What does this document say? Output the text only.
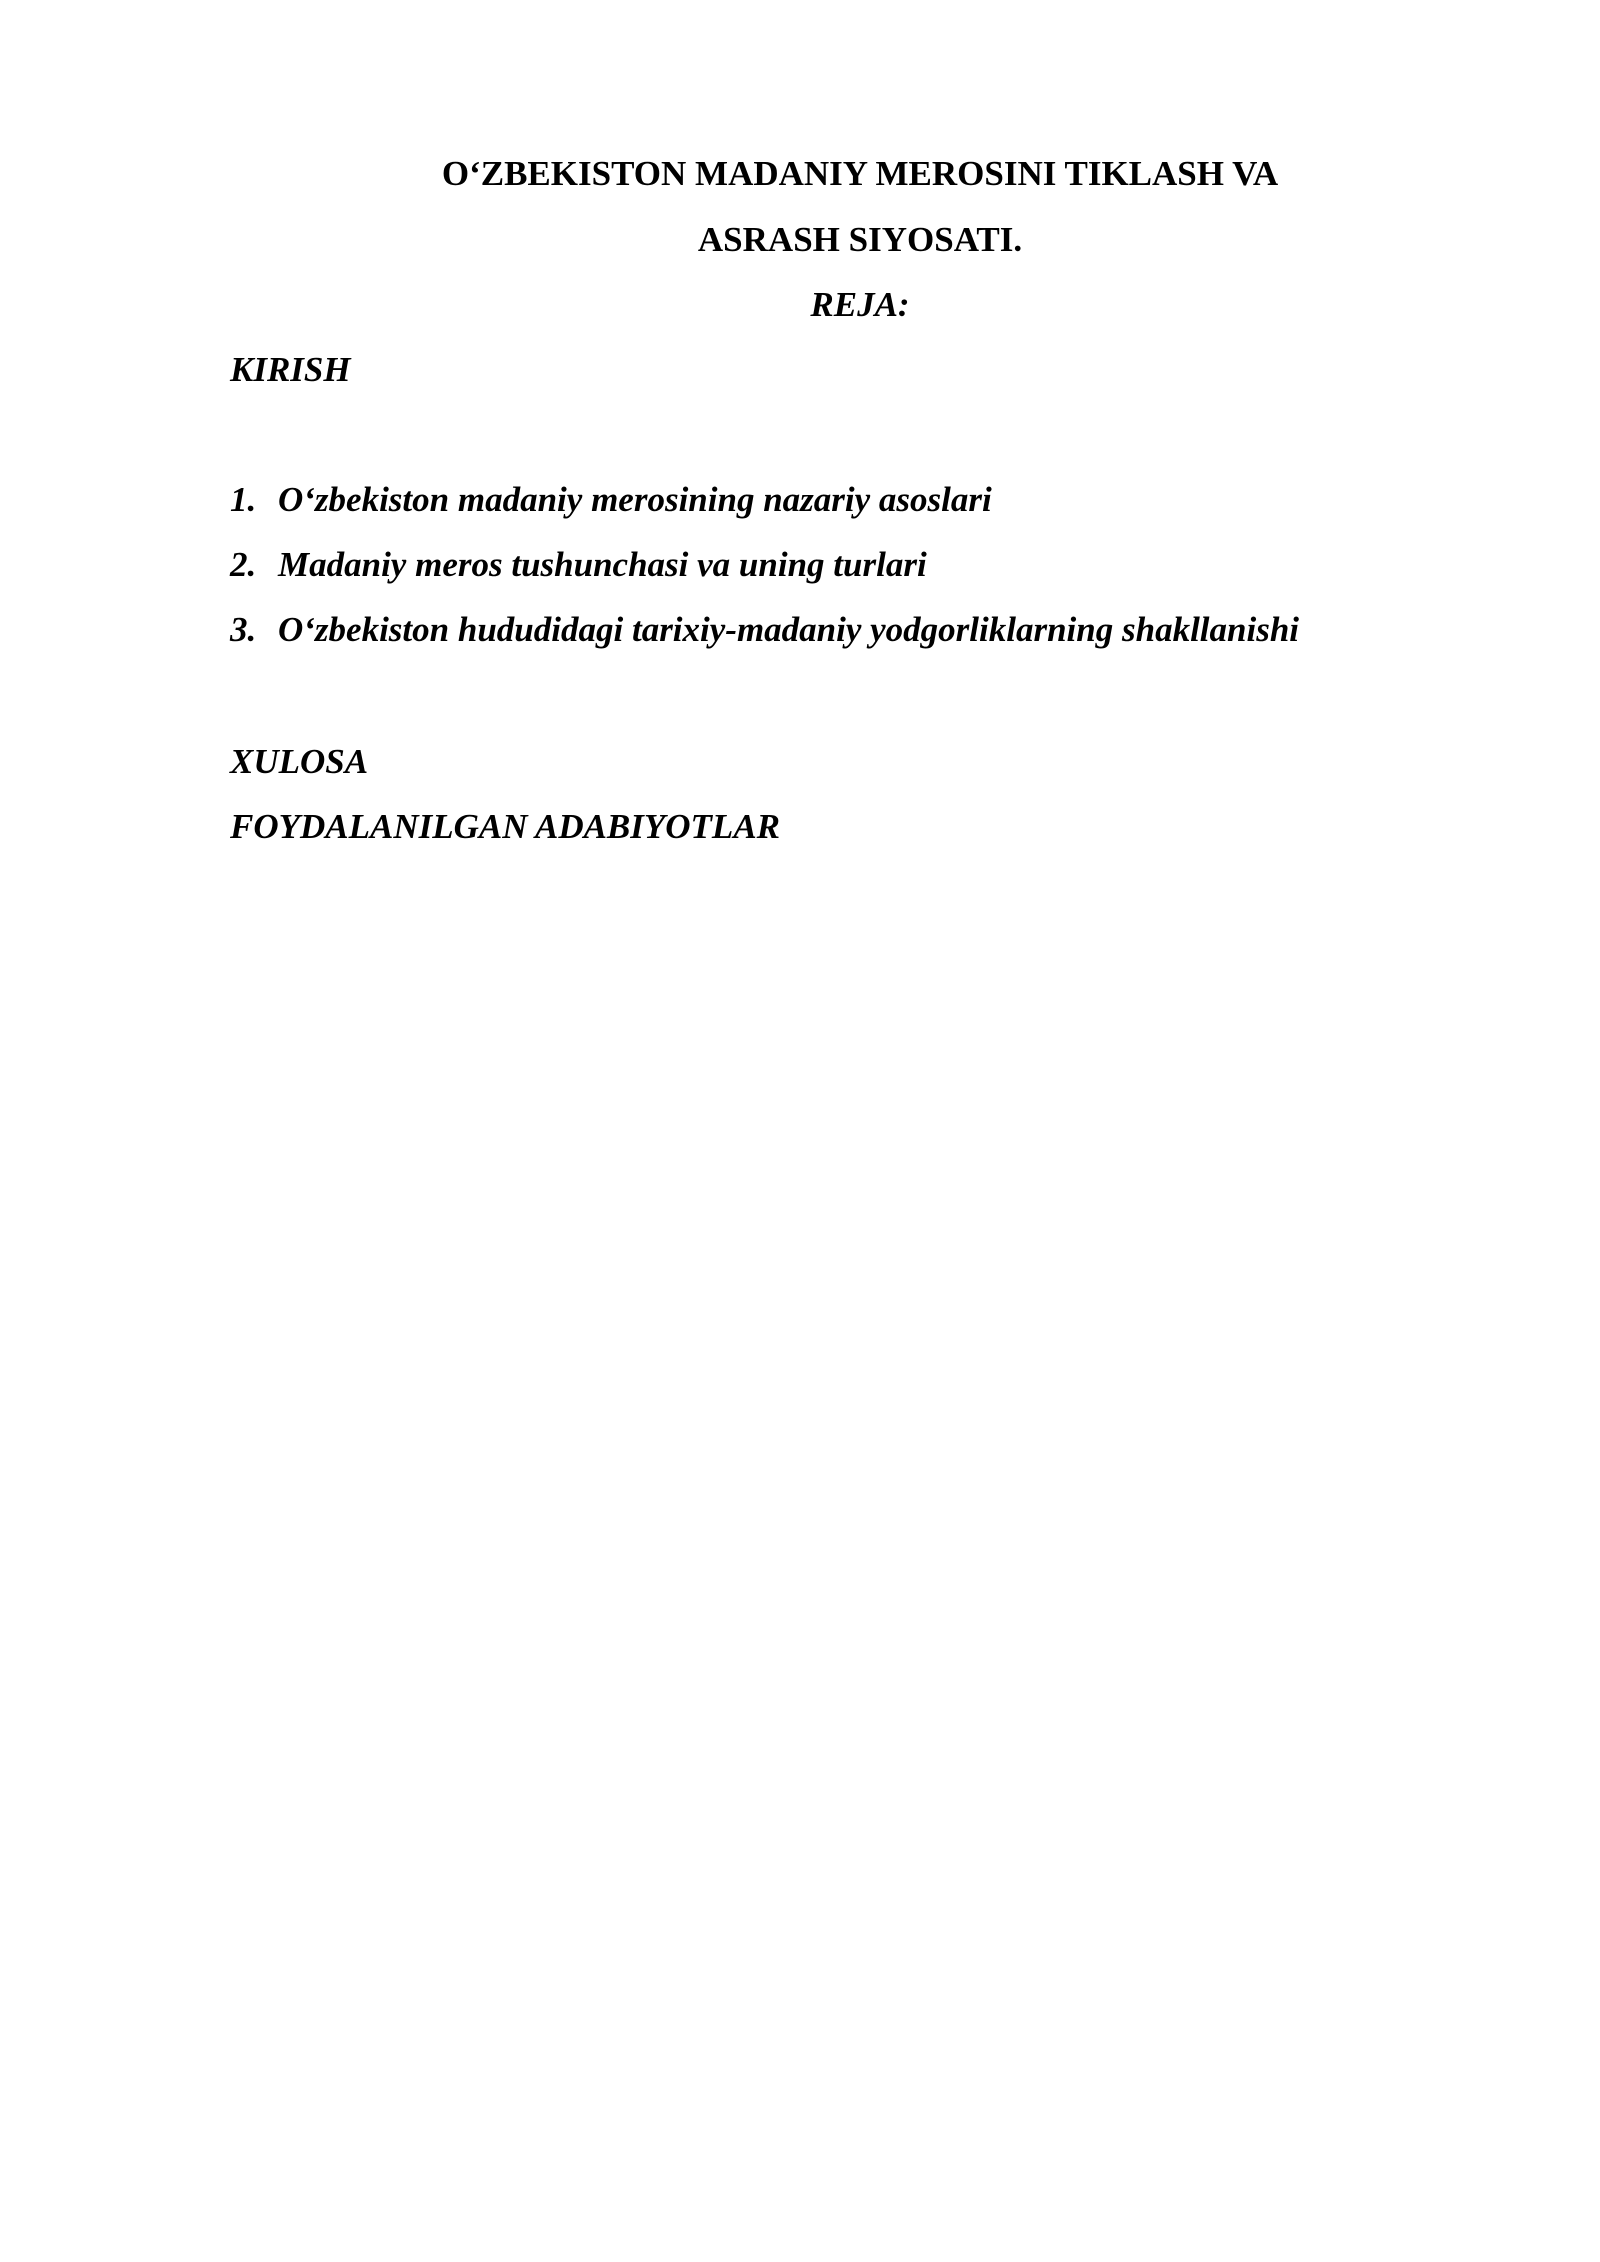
O‘ZBEKISTON MADANIY MEROSINI TIKLASH VA
ASRASH SIYOSATI.
REJA:
KIRISH
1. O‘zbekiston madaniy merosining nazariy asoslari
2. Madaniy meros tushunchasi va uning turlari
3. O‘zbekiston hududidagi tarixiy-madaniy yodgorliklarning shakllanishi
XULOSA
FOYDALANILGAN ADABIYOTLAR
